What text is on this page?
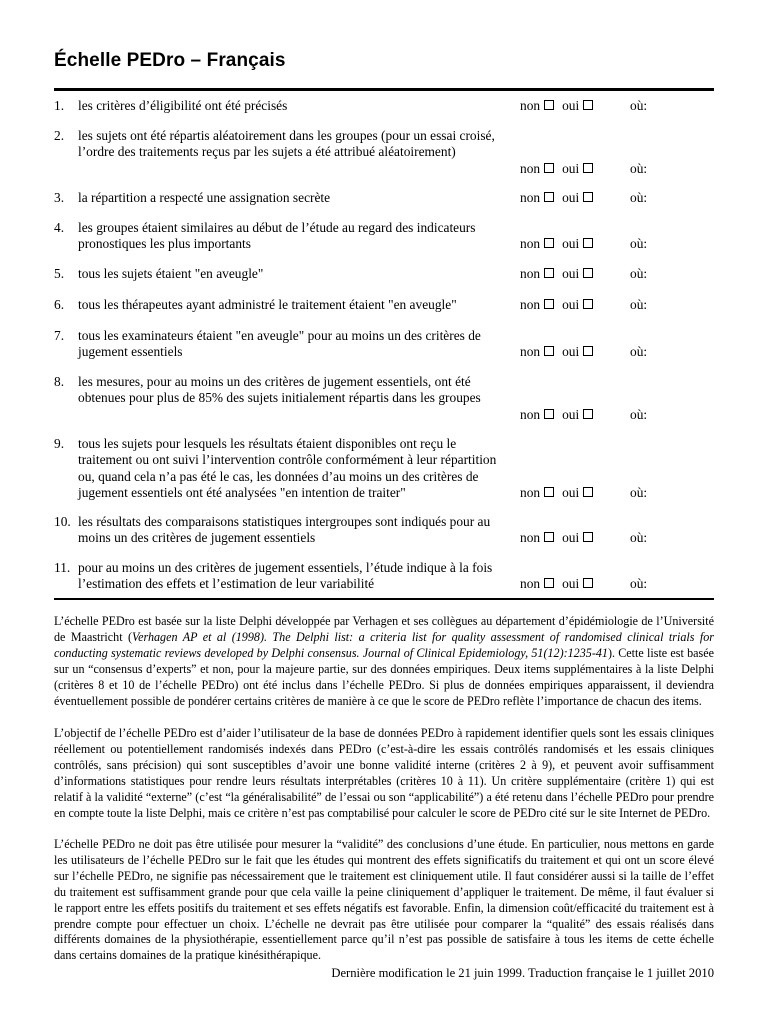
Échelle PEDro – Français
1. les critères d’éligibilité ont été précisés	non oui	où:
2. les sujets ont été répartis aléatoirement dans les groupes (pour un essai croisé, l’ordre des traitements reçus par les sujets a été attribué aléatoirement)
non oui	où:
3. la répartition a respecté une assignation secrète	non oui	où:
4. les groupes étaient similaires au début de l’étude au regard des indicateurs pronostiques les plus importants	non oui	où:
5. tous les sujets étaient "en aveugle"	non oui	où:
6. tous les thérapeutes ayant administré le traitement étaient "en aveugle"	non oui	où:
7. tous les examinateurs étaient "en aveugle" pour au moins un des critères de jugement essentiels	non oui	où:
8. les mesures, pour au moins un des critères de jugement essentiels, ont été obtenues pour plus de 85% des sujets initialement répartis dans les groupes
non oui	où:
9. tous les sujets pour lesquels les résultats étaient disponibles ont reçu le traitement ou ont suivi l’intervention contrôle conformément à leur répartition ou, quand cela n’a pas été le cas, les données d’au moins un des critères de jugement essentiels ont été analysées "en intention de traiter"	non oui	où:
10. les résultats des comparaisons statistiques intergroupes sont indiqués pour au moins un des critères de jugement essentiels	non oui	où:
11. pour au moins un des critères de jugement essentiels, l’étude indique à la fois l’estimation des effets et l’estimation de leur variabilité	non oui	où:
L’échelle PEDro est basée sur la liste Delphi développée par Verhagen et ses collègues au département d’épidémiologie de l’Université de Maastricht (Verhagen AP et al (1998). The Delphi list: a criteria list for quality assessment of randomised clinical trials for conducting systematic reviews developed by Delphi consensus. Journal of Clinical Epidemiology, 51(12):1235-41). Cette liste est basée sur un “consensus d’experts” et non, pour la majeure partie, sur des données empiriques. Deux items supplémentaires à la liste Delphi (critères 8 et 10 de l’échelle PEDro) ont été inclus dans l’échelle PEDro. Si plus de données empiriques apparaissent, il deviendra éventuellement possible de pondérer certains critères de manière à ce que le score de PEDro reflète l’importance de chacun des items.
L’objectif de l’échelle PEDro est d’aider l’utilisateur de la base de données PEDro à rapidement identifier quels sont les essais cliniques réellement ou potentiellement randomisés indexés dans PEDro (c’est-à-dire les essais contrôlés randomisés et les essais cliniques contrôlés, sans précision) qui sont susceptibles d’avoir une bonne validité interne (critères 2 à 9), et peuvent avoir suffisamment d’informations statistiques pour rendre leurs résultats interprétables (critères 10 à 11). Un critère supplémentaire (critère 1) qui est relatif à la validité “externe” (c’est “la généralisabilité” de l’essai ou son “applicabilité”) a été retenu dans l’échelle PEDro pour prendre en compte toute la liste Delphi, mais ce critère n’est pas comptabilisé pour calculer le score de PEDro cité sur le site Internet de PEDro.
L’échelle PEDro ne doit pas être utilisée pour mesurer la “validité” des conclusions d’une étude. En particulier, nous mettons en garde les utilisateurs de l’échelle PEDro sur le fait que les études qui montrent des effets significatifs du traitement et qui ont un score élevé sur l’échelle PEDro, ne signifie pas nécessairement que le traitement est cliniquement utile. Il faut considérer aussi si la taille de l’effet du traitement est suffisamment grande pour que cela vaille la peine cliniquement d’appliquer le traitement. De même, il faut évaluer si le rapport entre les effets positifs du traitement et ses effets négatifs est favorable. Enfin, la dimension coût/efficacité du traitement est à prendre compte pour effectuer un choix. L’échelle ne devrait pas être utilisée pour comparer la “qualité” des essais réalisés dans différents domaines de la physiothérapie, essentiellement parce qu’il n’est pas possible de satisfaire à tous les items de cette échelle dans certains domaines de la pratique kinésithérapique.
Dernière modification le 21 juin 1999. Traduction française le 1 juillet 2010
